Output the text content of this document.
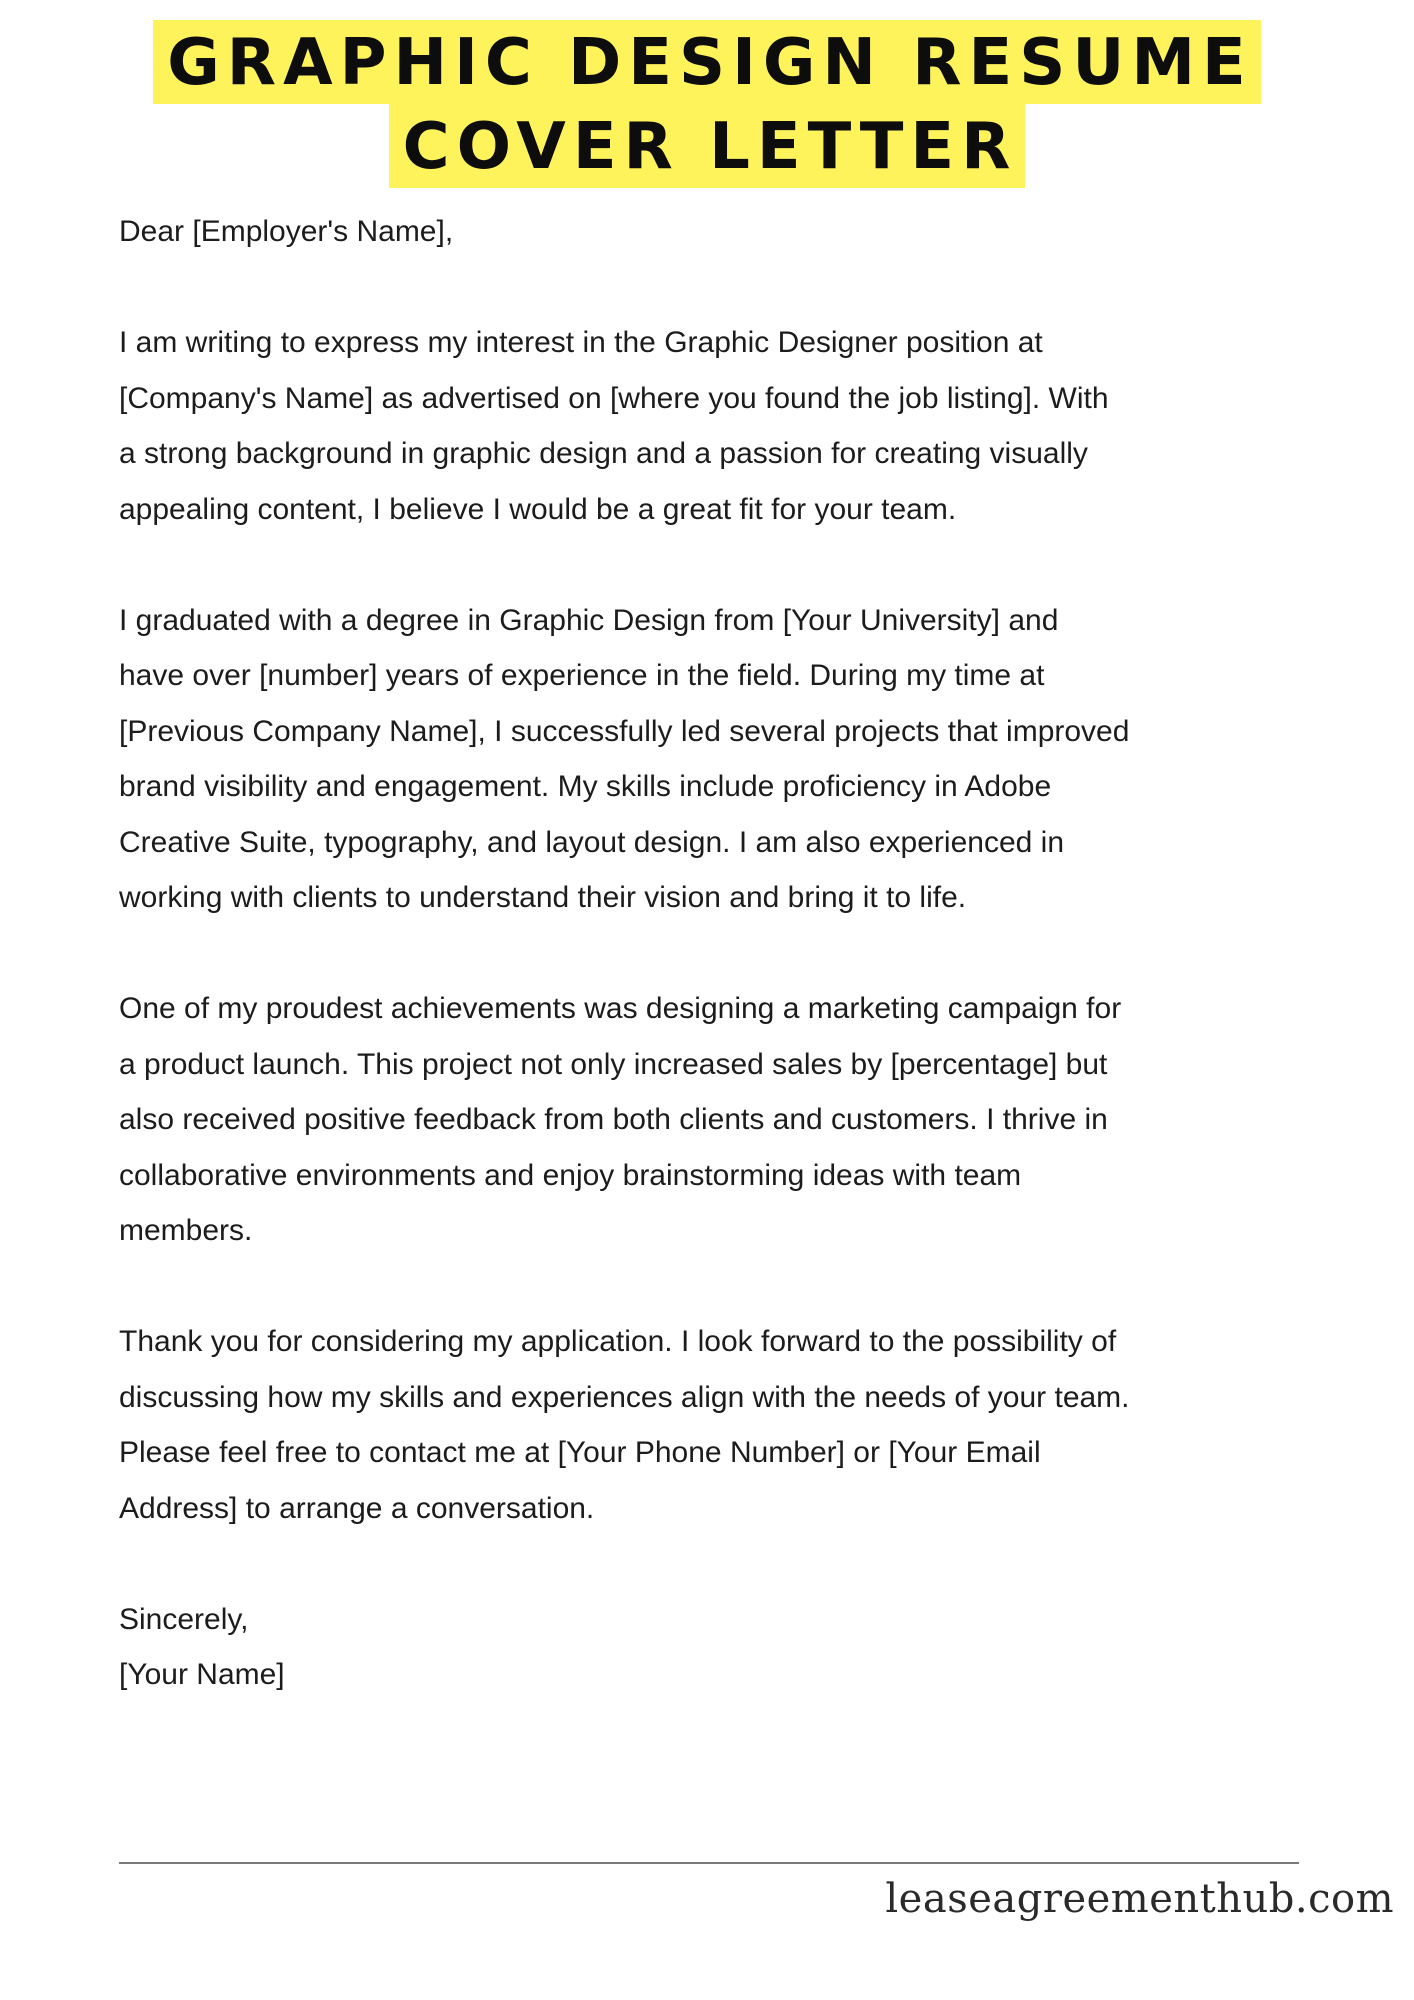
GRAPHIC DESIGN RESUME
COVER LETTER

Dear [Employer's Name],

I am writing to express my interest in the Graphic Designer position at
[Company's Name] as advertised on [where you found the job listing]. With
a strong background in graphic design and a passion for creating visually
appealing content, I believe I would be a great fit for your team.

I graduated with a degree in Graphic Design from [Your University] and
have over [number] years of experience in the field. During my time at
[Previous Company Name], I successfully led several projects that improved
brand visibility and engagement. My skills include proficiency in Adobe
Creative Suite, typography, and layout design. I am also experienced in
working with clients to understand their vision and bring it to life.

One of my proudest achievements was designing a marketing campaign for
a product launch. This project not only increased sales by [percentage] but
also received positive feedback from both clients and customers. I thrive in
collaborative environments and enjoy brainstorming ideas with team
members.

Thank you for considering my application. I look forward to the possibility of
discussing how my skills and experiences align with the needs of your team.
Please feel free to contact me at [Your Phone Number] or [Your Email
Address] to arrange a conversation.

Sincerely,
[Your Name]

leaseagreementhub.com
